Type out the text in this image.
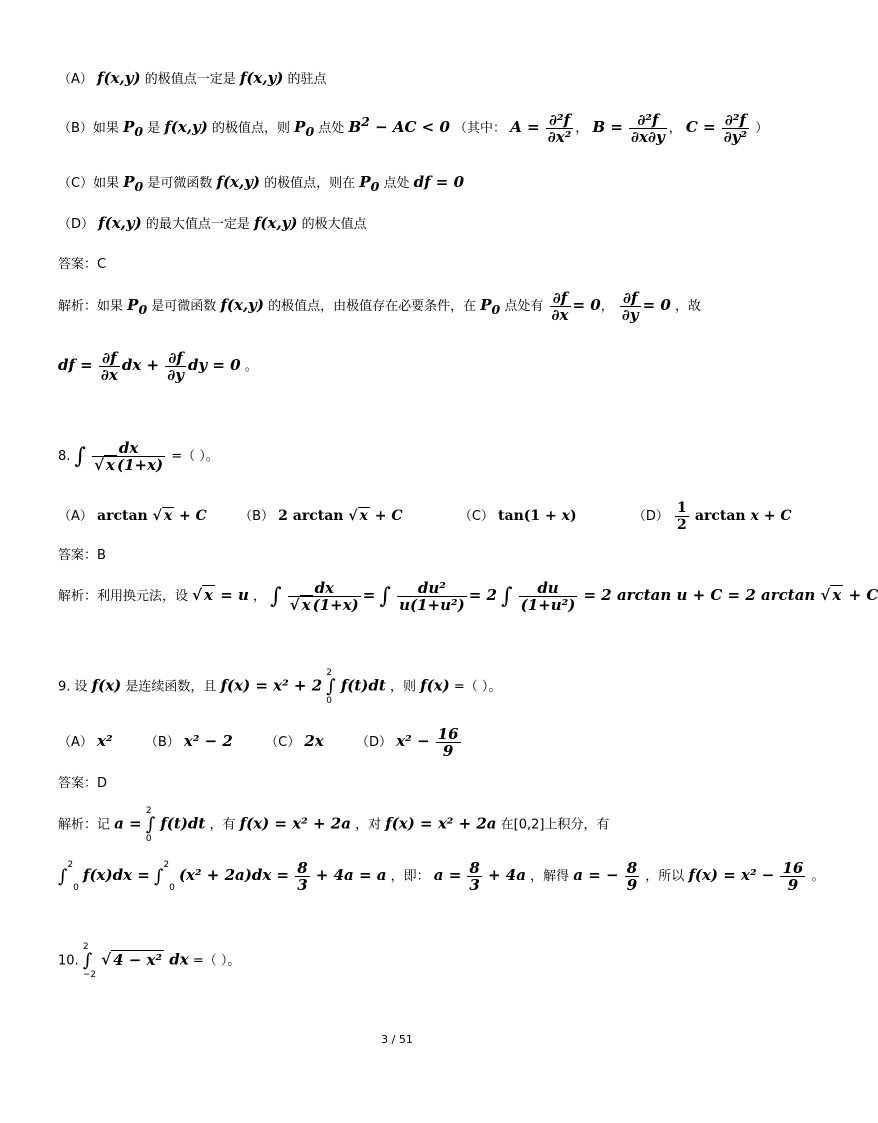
（A） f(x,y) 的极值点一定是 f(x,y) 的驻点
（B）如果 $P_0$ 是 f(x,y) 的极值点，则 $P_0$ 点处 $B^2$ − AC < 0 （其中： $A = \frac{\text{∂²f}}{\text{∂x²}}$ ， $B = \frac{\text{∂²f}}{\partial x\partial y}$ ， $C = \frac{\text{∂²f}}{\text{∂y²}}$ ）
（C）如果 $P_0$ 是可微函数 f(x,y) 的极值点，则在 $P_0$ 点处 df = 0
（D） f(x,y) 的最大值点一定是 f(x,y) 的极大值点
答案：C
解析：如果 $P_0$ 是可微函数 f(x,y) 的极值点，由极值存在必要条件，在 $P_0$ 点处有 $\frac{\partial f}{\partial x} = 0$， $\frac{\partial f}{\partial y} = 0$ ，故
df = $\frac{\partial f}{\partial x}$ dx + $\frac{\partial f}{\partial y}$ dy = 0 。
8. ∫ $\frac{dx}{√ x (1+x)}$ =（ ）。
（A） arctan √ x + C （B） 2 arctan √ x + C	（C） tan(1 + x)	$(D) \frac{1}{2}$ arctan x + C
答案：B
解析：利用换元法，设 √ x = u ， ∫ $\frac{dx}{√ x (1+x)}$ = ∫ $\frac{\text{du²}}{\text{u(1+u²)}} = 2$ ∫ $\frac{du}{\text{(1+u²)}} = 2$ arctan u + C = 2 arctan √ x + C
9. 设 f(x) 是连续函数，且 f(x) = x² + 2
2
∫
0
f(t)dt ，则 f(x) =（ ）。
（A） x² （B） x² − 2 （C） 2x （D） $x^2 - \frac{16}{9}$
答案：D
解析：记 a =
2
∫
0
f(t)dt ，有 f(x) = x² + 2a ，对 f(x) = x² + 2a 在[0,2]上积分，有
∫$^2$0 f(x)dx = ∫$^2$0 $(x^2 + 2a)dx = \frac{8}{3} + 4a = a$ ，即： $a = \frac{8}{3} + 4a$ ，解得 a = − $\frac{8}{9}$ ，所以 $f(x) = x^2 - \frac{16}{9}$ 。
10.
2
∫
−2
√ 4 − x² dx =（ ）。
3 / 51
